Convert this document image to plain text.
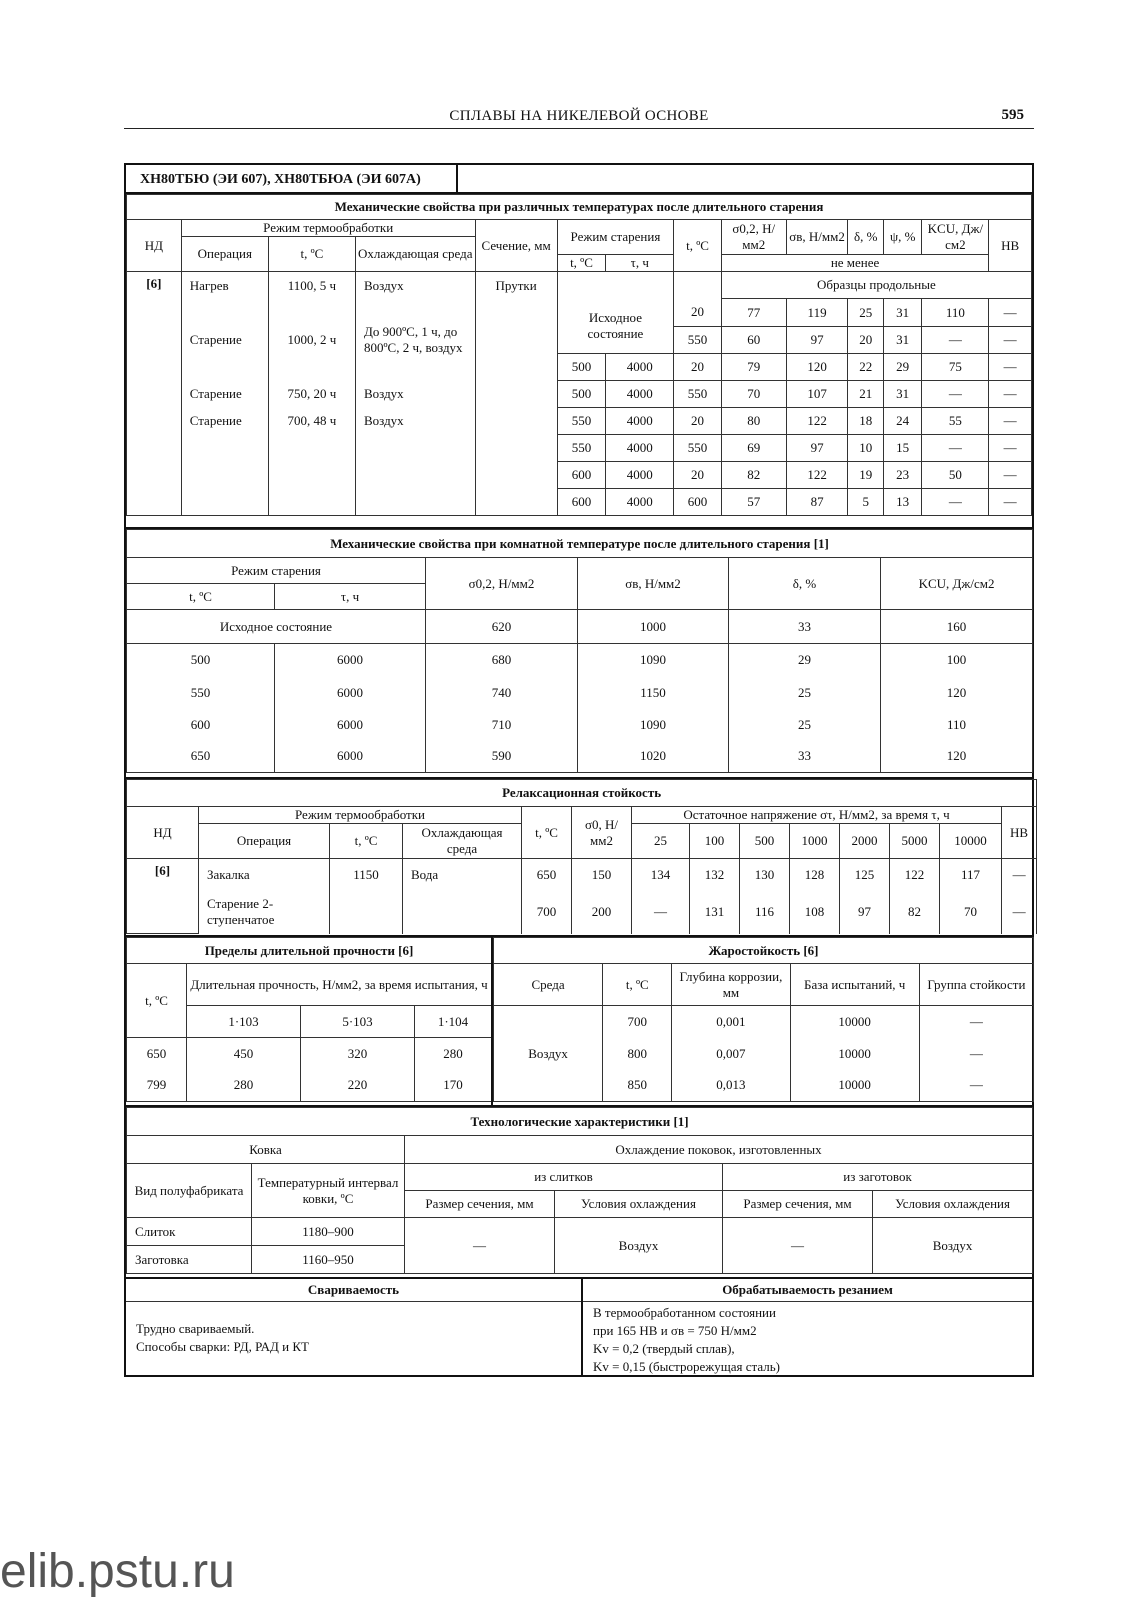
СПЛАВЫ НА НИКЕЛЕВОЙ ОСНОВЕ	595
ХН80ТБЮ (ЭИ 607), ХН80ТБЮА (ЭИ 607А)
Механические свойства при различных температурах после длительного старения													
НД	Режим термообработки			Сечение, мм	Режим старения		t, ºC	σ0,2, Н/мм2	σв, Н/мм2	δ, %	ψ, %	KCU, Дж/см2	НВ
	Операция	t, ºC	Охлаждающая среда										
					t, ºC	τ, ч		не менее					
[6]	Нагрев	1100, 5 ч	Воздух	Прутки				Образцы продольные					
	Старение	1000, 2 ч	До 900ºС, 1 ч, до 800ºС, 2 ч, воздух		Исходное состояние		20	77	119	25	31	110	—
							550	60	97	20	31	—	—
					500	4000	20	79	120	22	29	75	—
	Старение	750, 20 ч	Воздух		500	4000	550	70	107	21	31	—	—
	Старение	700, 48 ч	Воздух		550	4000	20	80	122	18	24	55	—
					550	4000	550	69	97	10	15	—	—
					600	4000	20	82	122	19	23	50	—
					600	4000	600	57	87	5	13	—	—
Механические свойства при комнатной температуре после длительного старения [1]					
Режим старения		σ0,2, Н/мм2	σв, Н/мм2	δ, %	KCU, Дж/см2
t, ºC	τ, ч				
Исходное состояние		620	1000	33	160
500	6000	680	1090	29	100
550	6000	740	1150	25	120
600	6000	710	1090	25	110
650	6000	590	1020	33	120
Релаксационная стойкость													
НД	Режим термообработки			t, ºC	σ0, Н/мм2	Остаточное напряжение στ, Н/мм2, за время τ, ч							НВ
	Операция	t, ºC	Охлаждающая среда			25	100	500	1000	2000	5000	10000	
[6]	Закалка	1150	Вода	650	150	134	132	130	128	125	122	117	—
	Старение 2-ступенчатое			700	200	—	131	116	108	97	82	70	—
Пределы длительной прочности [6]			
t, ºC	Длительная прочность, Н/мм2, за время испытания, ч		
	1·103	5·103	1·104
650	450	320	280
799	280	220	170
Жаростойкость [6]				
Среда	t, ºC	Глубина коррозии, мм	База испытаний, ч	Группа стойкости
Воздух	700	0,001	10000	—
	800	0,007	10000	—
	850	0,013	10000	—
Технологические характеристики [1]					
Ковка		Охлаждение поковок, изготовленных			
Вид полуфабриката	Температурный интервал ковки, ºC	из слитков		из заготовок	
		Размер сечения, мм	Условия охлаждения	Размер сечения, мм	Условия охлаждения
Слиток	1180–900	—	Воздух	—	Воздух
Заготовка	1160–950				
Свариваемость
Трудно свариваемый.
Способы сварки: РД, РАД и КТ
Обрабатываемость резанием
В термообработанном состоянии
при 165 НВ и σв = 750 Н/мм2
Kv = 0,2 (твердый сплав),
Kv = 0,15 (быстрорежущая сталь)
elib.pstu.ru
